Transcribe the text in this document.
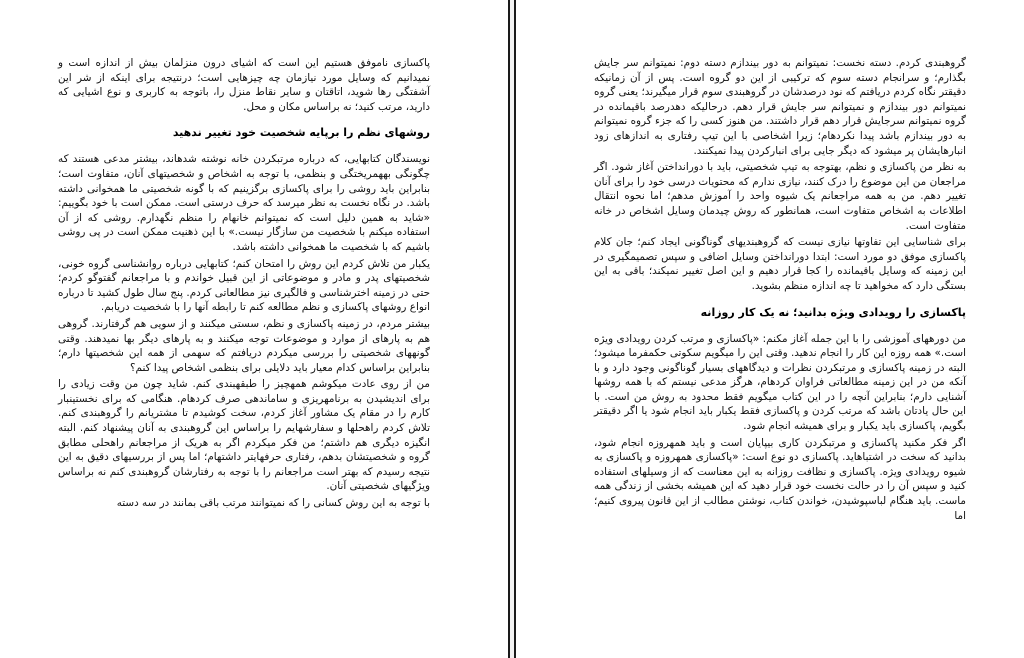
پاکسازی ناموفق هستیم این است که اشیای درون منزلمان بیش از اندازه است و نمیدانیم که وسایل مورد نیازمان چه چیزهایی است؛ درنتیجه برای اینکه از شر این آشفتگی رها شوید، اتاقتان و سایر نقاط منزل را، باتوجه به کاربری و نوع اشیایی که دارید، مرتب کنید؛ نه براساس مکان و محل.

روشهای نظم را برپایه شخصیت خود تغییر ندهید

نویسندگان کتابهایی، که درباره مرتبکردن خانه نوشته شدهاند، بیشتر مدعی هستند که چگونگی بههمریختگی و بنظمی، با توجه به اشخاص و شخصیتهای آنان، متفاوت است؛ بنابراین باید روشی را برای پاکسازی برگزینیم که با گونه شخصیتی ما همخوانی داشته باشد. در نگاه نخست به نظر میرسد که حرف درستی است. ممکن است با خود بگوییم: «شاید به همین دلیل است که نمیتوانم خانهام را منظم نگهدارم. روشی که از آن استفاده میکنم با شخصیت من سازگار نیست.» با این ذهنیت ممکن است در پی روشی باشیم که با شخصیت ما همخوانی داشته باشد.

یکبار من تلاش کردم این روش را امتحان کنم؛ کتابهایی درباره روانشناسی گروه خونی، شخصیتهای پدر و مادر و موضوعاتی از این قبیل خواندم و با مراجعانم گفتوگو کردم؛ حتی در زمینه اخترشناسی و فالگیری نیز مطالعاتی کردم. پنج سال طول کشید تا درباره انواع روشهای پاکسازی و نظم مطالعه کنم تا رابطه آنها را با شخصیت دریابم.

بیشتر مردم، در زمینه پاکسازی و نظم، سستی میکنند و از سویی هم گرفتارند. گروهی هم به پارهای از موارد و موضوعات توجه میکنند و به پارهای دیگر بها نمیدهند. وقتی گونههای شخصیتی را بررسی میکردم دریافتم که سهمی از همه این شخصیتها دارم؛ بنابراین براساس کدام معیار باید دلایلی برای بنظمی اشخاص پیدا کنم؟

من از روی عادت میکوشم همهچیز را طبقهبندی کنم. شاید چون من وقت زیادی را برای اندیشیدن به برنامهریزی و ساماندهی صرف کردهام. هنگامی که برای نخستینبار کارم را در مقام یک مشاور آغاز کردم، سخت کوشیدم تا مشتریانم را گروهبندی کنم. تلاش کردم راهحلها و سفارشهایم را براساس این گروهبندی به آنان پیشنهاد کنم. البته انگیزه دیگری هم داشتم؛ من فکر میکردم اگر به هریک از مراجعانم راهحلی مطابق گروه و شخصیتشان بدهم، رفتاری حرفهایتر داشتهام؛ اما پس از بررسیهای دقیق به این نتیجه رسیدم که بهتر است مراجعانم را با توجه به رفتارشان گروهبندی کنم نه براساس ویژگیهای شخصیتی آنان.

با توجه به این روش کسانی را که نمیتوانند مرتب باقی بمانند در سه دسته

گروهبندی کردم. دسته نخست: نمیتوانم به دور بیندازم دسته دوم: نمیتوانم سر جایش بگذارم؛ و سرانجام دسته سوم که ترکیبی از این دو گروه است. پس از آن زمانیکه دقیقتر نگاه کردم دریافتم که نود درصدشان در گروهبندی سوم قرار میگیرند؛ یعنی گروه نمیتوانم دور بیندازم و نمیتوانم سر جایش قرار دهم. درحالیکه دهدرصد باقیمانده در گروه نمیتوانم سرجایش قرار دهم قرار داشتند. من هنوز کسی را که جزء گروه نمیتوانم به دور بیندازم باشد پیدا نکردهام؛ زیرا اشخاصی با این تیپ رفتاری به اندازهای زود انبارهایشان پر میشود که دیگر جایی برای انبارکردن پیدا نمیکنند.

به نظر من پاکسازی و نظم، بهتوجه به تیپ شخصیتی، باید با دورانداختن آغاز شود. اگر مراجعان من این موضوع را درک کنند، نیازی ندارم که محتویات درسی خود را برای آنان تغییر دهم. من به همه مراجعانم یک شیوه واحد را آموزش مدهم؛ اما نحوه انتقال اطلاعات به اشخاص متفاوت است، همانطور که روش چیدمان وسایل اشخاص در خانه متفاوت است.

برای شناسایی این تفاوتها نیازی نیست که گروهبندیهای گوناگونی ایجاد کنم؛ جان کلام پاکسازی موفق دو مورد است: ابتدا دورانداختن وسایل اضافی و سپس تصمیمگیری در این زمینه که وسایل باقیمانده را کجا قرار دهیم و این اصل تغییر نمیکند؛ باقی به این بستگی دارد که مخواهید تا چه اندازه منظم بشوید.

پاکسازی را رویدادی ویژه بدانید؛ نه یک کار روزانه

من دورههای آموزشی را با این جمله آغاز مکنم: «پاکسازی و مرتب کردن رویدادی ویژه است.» همه روزه این کار را انجام ندهید. وقتی این را میگویم سکوتی حکمفرما میشود؛ البته در زمینه پاکسازی و مرتبکردن نظرات و دیدگاههای بسیار گوناگونی وجود دارد و با آنکه من در این زمینه مطالعاتی فراوان کردهام، هرگز مدعی نیستم که با همه روشها آشنایی دارم؛ بنابراین آنچه را در این کتاب میگویم فقط محدود به روش من است. با این حال یادتان باشد که مرتب کردن و پاکسازی فقط یکبار باید انجام شود یا اگر دقیقتر بگویم، پاکسازی باید یکبار و برای همیشه انجام شود.

اگر فکر مکنید پاکسازی و مرتبکردن کاری بیپایان است و باید همهروزه انجام شود، بدانید که سخت در اشتباهاید. پاکسازی دو نوع است: «پاکسازی همهروزه و پاکسازی به شیوه رویدادی ویژه. پاکسازی و نظافت روزانه به این معناست که از وسیلهای استفاده کنید و سپس آن را در حالت نخست خود قرار دهید که این همیشه بخشی از زندگی همه ماست. باید هنگام لباسپوشیدن، خواندن کتاب، نوشتن مطالب از این قانون پیروی کنیم؛ اما
